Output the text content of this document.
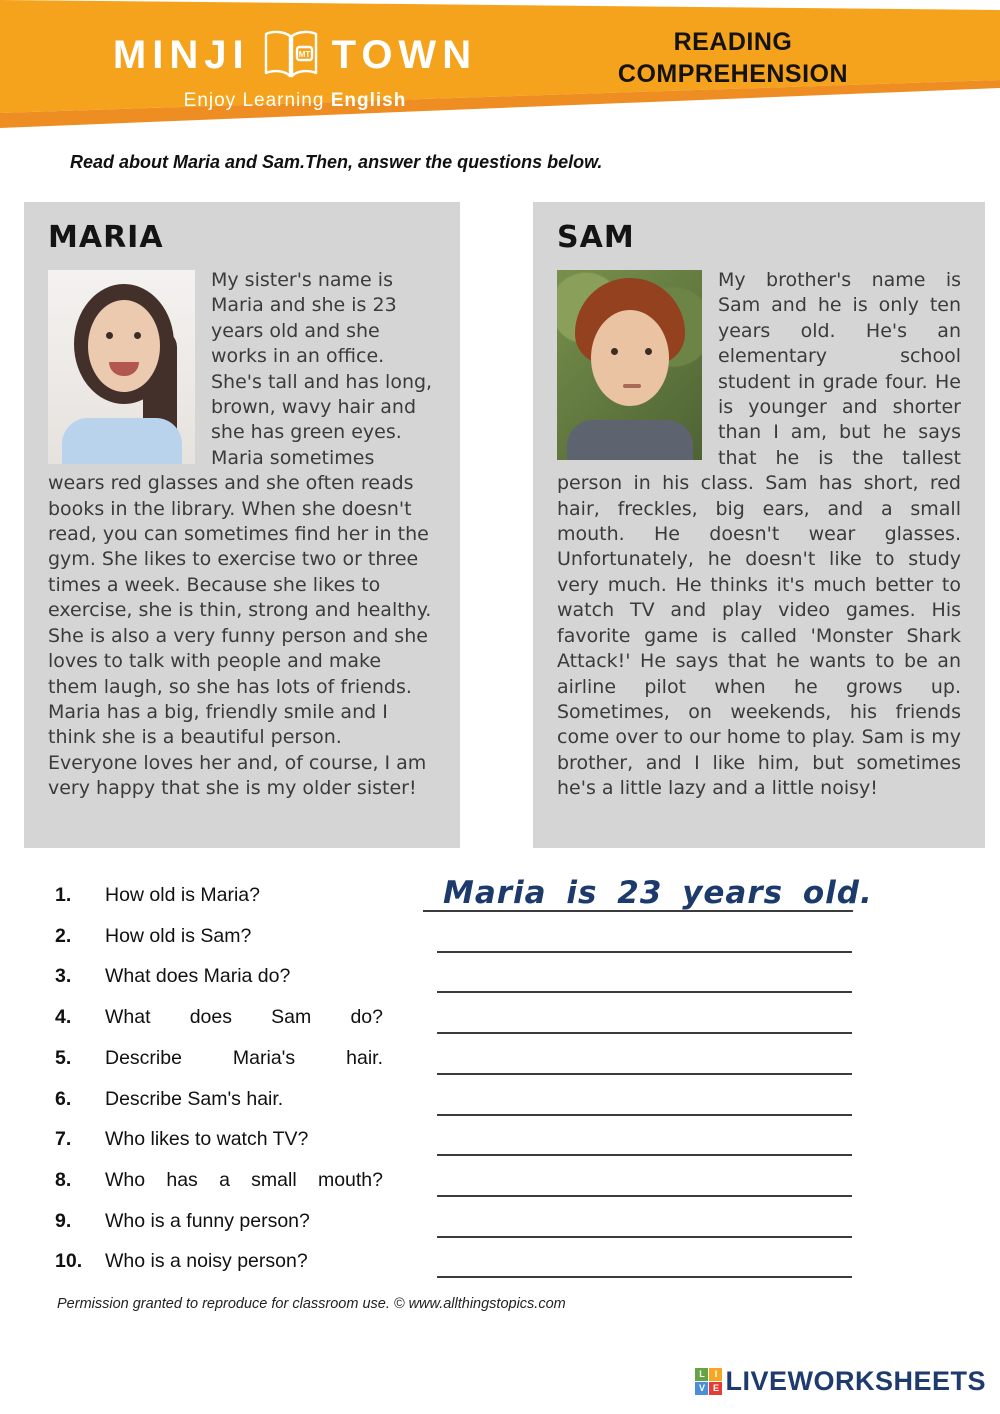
MINJI	MT TOWN
Enjoy Learning English
READING
COMPREHENSION
Read about Maria and Sam.Then, answer the questions below.
MARIA
My sister's name is Maria and she is 23 years old and she works in an office. She's tall and has long, brown, wavy hair and she has green eyes. Maria sometimes wears red glasses and she often reads books in the library. When she doesn't read, you can sometimes find her in the gym. She likes to exercise two or three times a week. Because she likes to exercise, she is thin, strong and healthy. She is also a very funny person and she loves to talk with people and make them laugh, so she has lots of friends. Maria has a big, friendly smile and I think she is a beautiful person. Everyone loves her and, of course, I am very happy that she is my older sister!
SAM
My brother's name is Sam and he is only ten years old. He's an elementary school student in grade four. He is younger and shorter than I am, but he says that he is the tallest person in his class. Sam has short, red hair, freckles, big ears, and a small mouth. He doesn't wear glasses. Unfortunately, he doesn't like to study very much. He thinks it's much better to watch TV and play video games. His favorite game is called 'Monster Shark Attack!' He says that he wants to be an airline pilot when he grows up. Sometimes, on weekends, his friends come over to our home to play. Sam is my brother, and I like him, but sometimes he's a little lazy and a little noisy!
1.	How old is Maria?	Maria is 23 years old.
2.	How old is Sam?
3.	What does Maria do?
4.	What does Sam do?
5.	Describe Maria's hair.
6.	Describe Sam's hair.
7.	Who likes to watch TV?
8.	Who has a small mouth?
9.	Who is a funny person?
10.	Who is a noisy person?
Permission granted to reproduce for classroom use. © www.allthingstopics.com
L	I
V E LIVEWORKSHEETS
